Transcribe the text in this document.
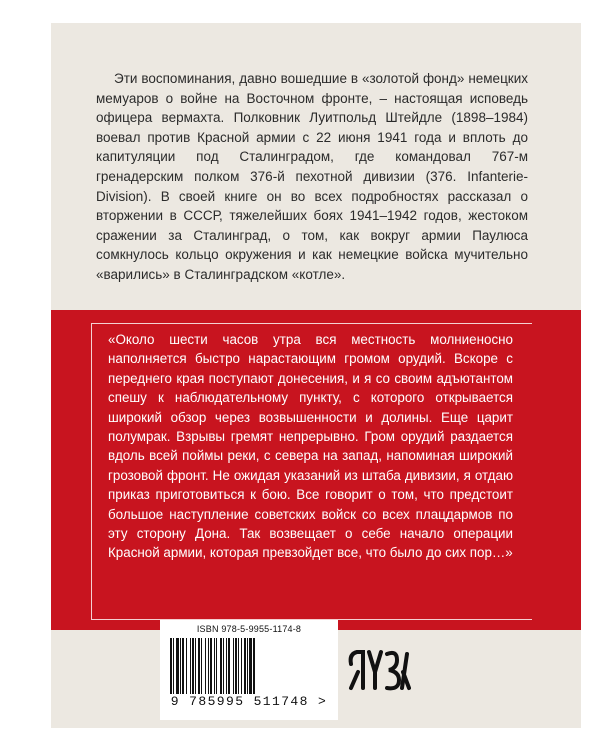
Эти воспоминания, давно вошедшие в «золотой фонд» немецких мемуаров о войне на Восточном фронте, – настоящая исповедь офицера вермахта. Полковник Луитпольд Штейдле (1898–1984) воевал против Красной армии с 22 июня 1941 года и вплоть до капитуляции под Сталинградом, где командовал 767-м гренадерским полком 376-й пехотной дивизии (376. Infanterie-Division). В своей книге он во всех подробностях рассказал о вторжении в СССР, тяжелейших боях 1941–1942 годов, жестоком сражении за Сталинград, о том, как вокруг армии Паулюса сомкнулось кольцо окружения и как немецкие войска мучительно «варились» в Сталинградском «котле».

«Около шести часов утра вся местность молниеносно наполняется быстро нарастающим громом орудий. Вскоре с переднего края поступают донесения, и я со своим адъютантом спешу к наблюдательному пункту, с которого открывается широкий обзор через возвышенности и долины. Еще царит полумрак. Взрывы гремят непрерывно. Гром орудий раздается вдоль всей поймы реки, с севера на запад, напоминая широкий грозовой фронт. Не ожидая указаний из штаба дивизии, я отдаю приказ приготовиться к бою. Все говорит о том, что предстоит большое наступление советских войск со всех плацдармов по эту сторону Дона. Так возвещает о себе начало операции Красной армии, которая превзойдет все, что было до сих пор…»

ISBN 978-5-9955-1174-8
9 785995 511748 >
